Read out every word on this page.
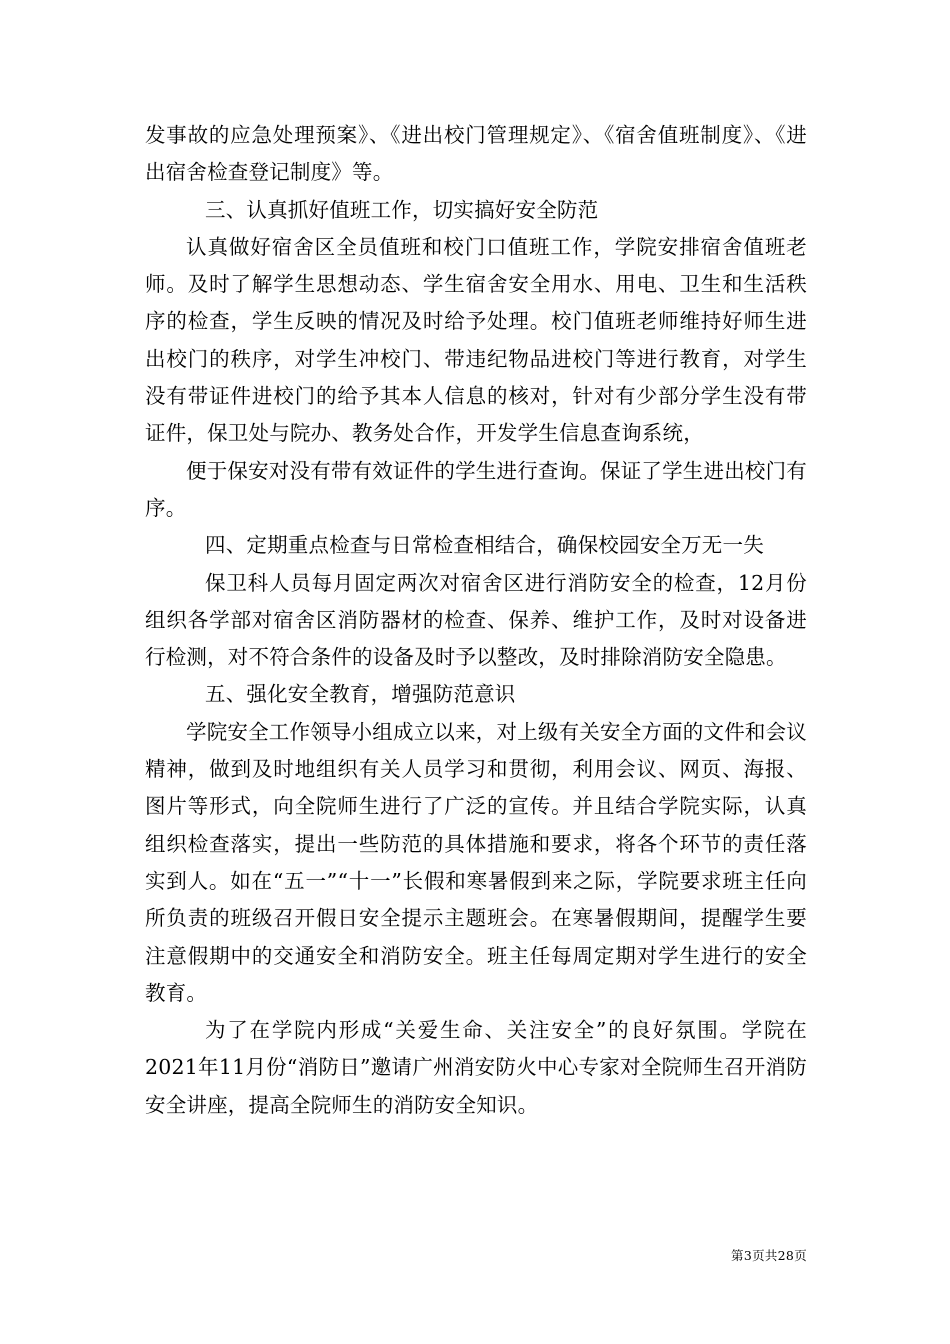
发事故的应急处理预案》、《进出校门管理规定》、《宿舍值班制度》、《进出宿舍检查登记制度》等。

三、认真抓好值班工作，切实搞好安全防范

认真做好宿舍区全员值班和校门口值班工作，学院安排宿舍值班老师。及时了解学生思想动态、学生宿舍安全用水、用电、卫生和生活秩序的检查，学生反映的情况及时给予处理。校门值班老师维持好师生进出校门的秩序，对学生冲校门、带违纪物品进校门等进行教育，对学生没有带证件进校门的给予其本人信息的核对，针对有少部分学生没有带证件，保卫处与院办、教务处合作，开发学生信息查询系统，

便于保安对没有带有效证件的学生进行查询。保证了学生进出校门有序。

四、定期重点检查与日常检查相结合，确保校园安全万无一失

保卫科人员每月固定两次对宿舍区进行消防安全的检查，12月份组织各学部对宿舍区消防器材的检查、保养、维护工作，及时对设备进行检测，对不符合条件的设备及时予以整改，及时排除消防安全隐患。

五、强化安全教育，增强防范意识

学院安全工作领导小组成立以来，对上级有关安全方面的文件和会议精神，做到及时地组织有关人员学习和贯彻，利用会议、网页、海报、图片等形式，向全院师生进行了广泛的宣传。并且结合学院实际，认真组织检查落实，提出一些防范的具体措施和要求，将各个环节的责任落实到人。如在“五一”“十一”长假和寒暑假到来之际，学院要求班主任向所负责的班级召开假日安全提示主题班会。在寒暑假期间，提醒学生要注意假期中的交通安全和消防安全。班主任每周定期对学生进行的安全教育。

为了在学院内形成“关爱生命、关注安全”的良好氛围。学院在2021年11月份“消防日”邀请广州消安防火中心专家对全院师生召开消防安全讲座，提高全院师生的消防安全知识。

第3页共28页
